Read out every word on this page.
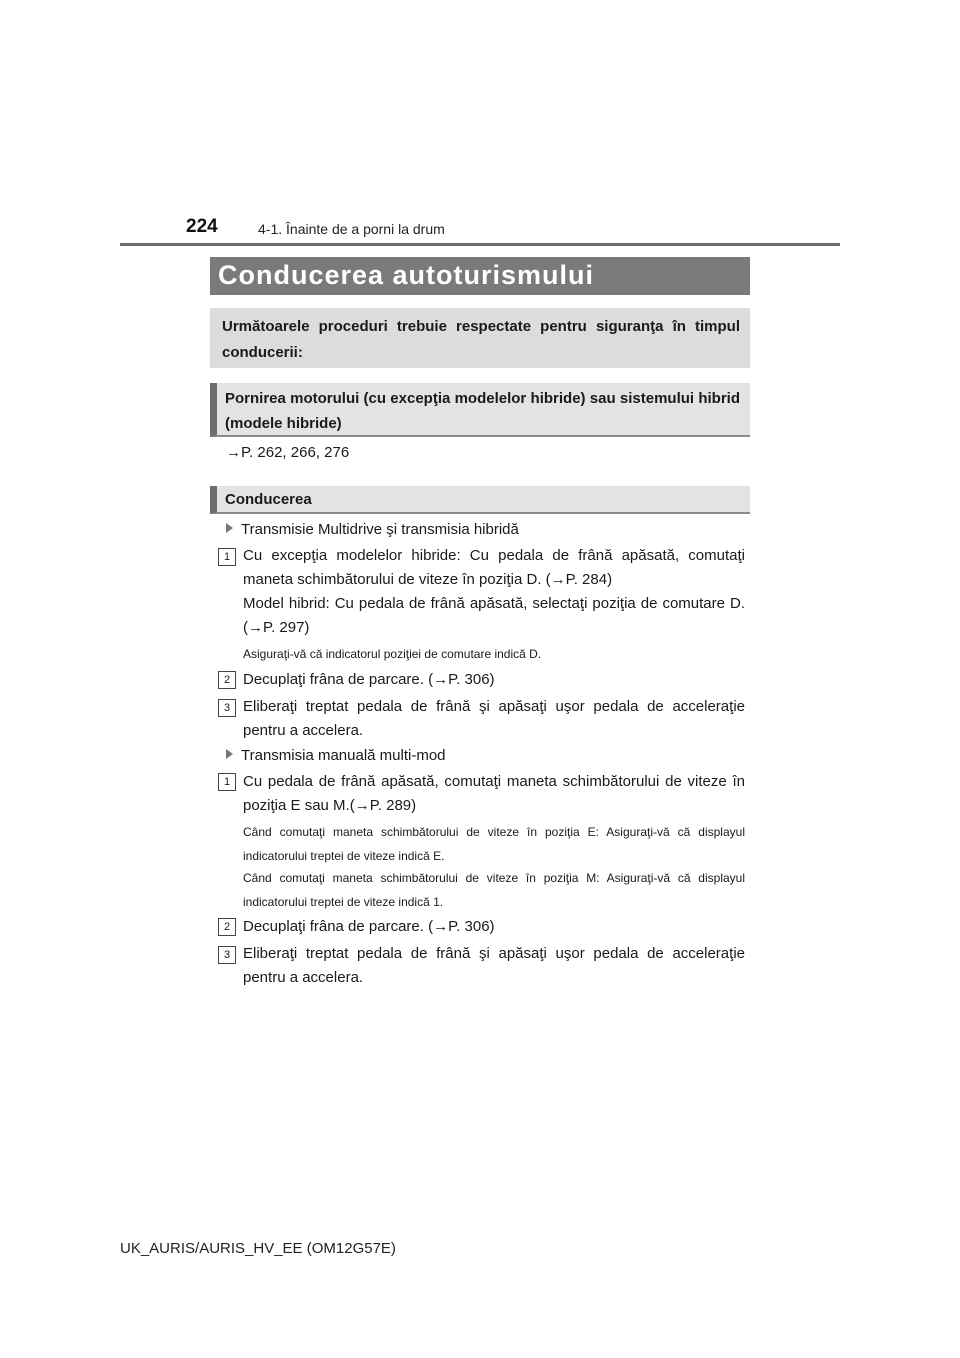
224	4-1. Înainte de a porni la drum
Conducerea autoturismului
Următoarele proceduri trebuie respectate pentru siguranţa în timpul conducerii:
Pornirea motorului (cu excepţia modelelor hibride) sau sistemului hibrid (modele hibride)
→P. 262, 266, 276
Conducerea
Transmisie Multidrive şi transmisia hibridă
1 Cu excepţia modelelor hibride: Cu pedala de frână apăsată, comutaţi maneta schimbătorului de viteze în poziţia D. (→P. 284)
Model hibrid: Cu pedala de frână apăsată, selectaţi poziţia de comutare D. (→P. 297)
Asiguraţi-vă că indicatorul poziţiei de comutare indică D.
2 Decuplaţi frâna de parcare. (→P. 306)
3 Eliberaţi treptat pedala de frână şi apăsaţi uşor pedala de acceleraţie pentru a accelera.
Transmisia manuală multi-mod
1 Cu pedala de frână apăsată, comutaţi maneta schimbătorului de viteze în poziţia E sau M.(→P. 289)
Când comutaţi maneta schimbătorului de viteze în poziţia E: Asiguraţi-vă că displayul indicatorului treptei de viteze indică E.
Când comutaţi maneta schimbătorului de viteze în poziţia M: Asiguraţi-vă că displayul indicatorului treptei de viteze indică 1.
2 Decuplaţi frâna de parcare. (→P. 306)
3 Eliberaţi treptat pedala de frână şi apăsaţi uşor pedala de acceleraţie pentru a accelera.
UK_AURIS/AURIS_HV_EE (OM12G57E)
